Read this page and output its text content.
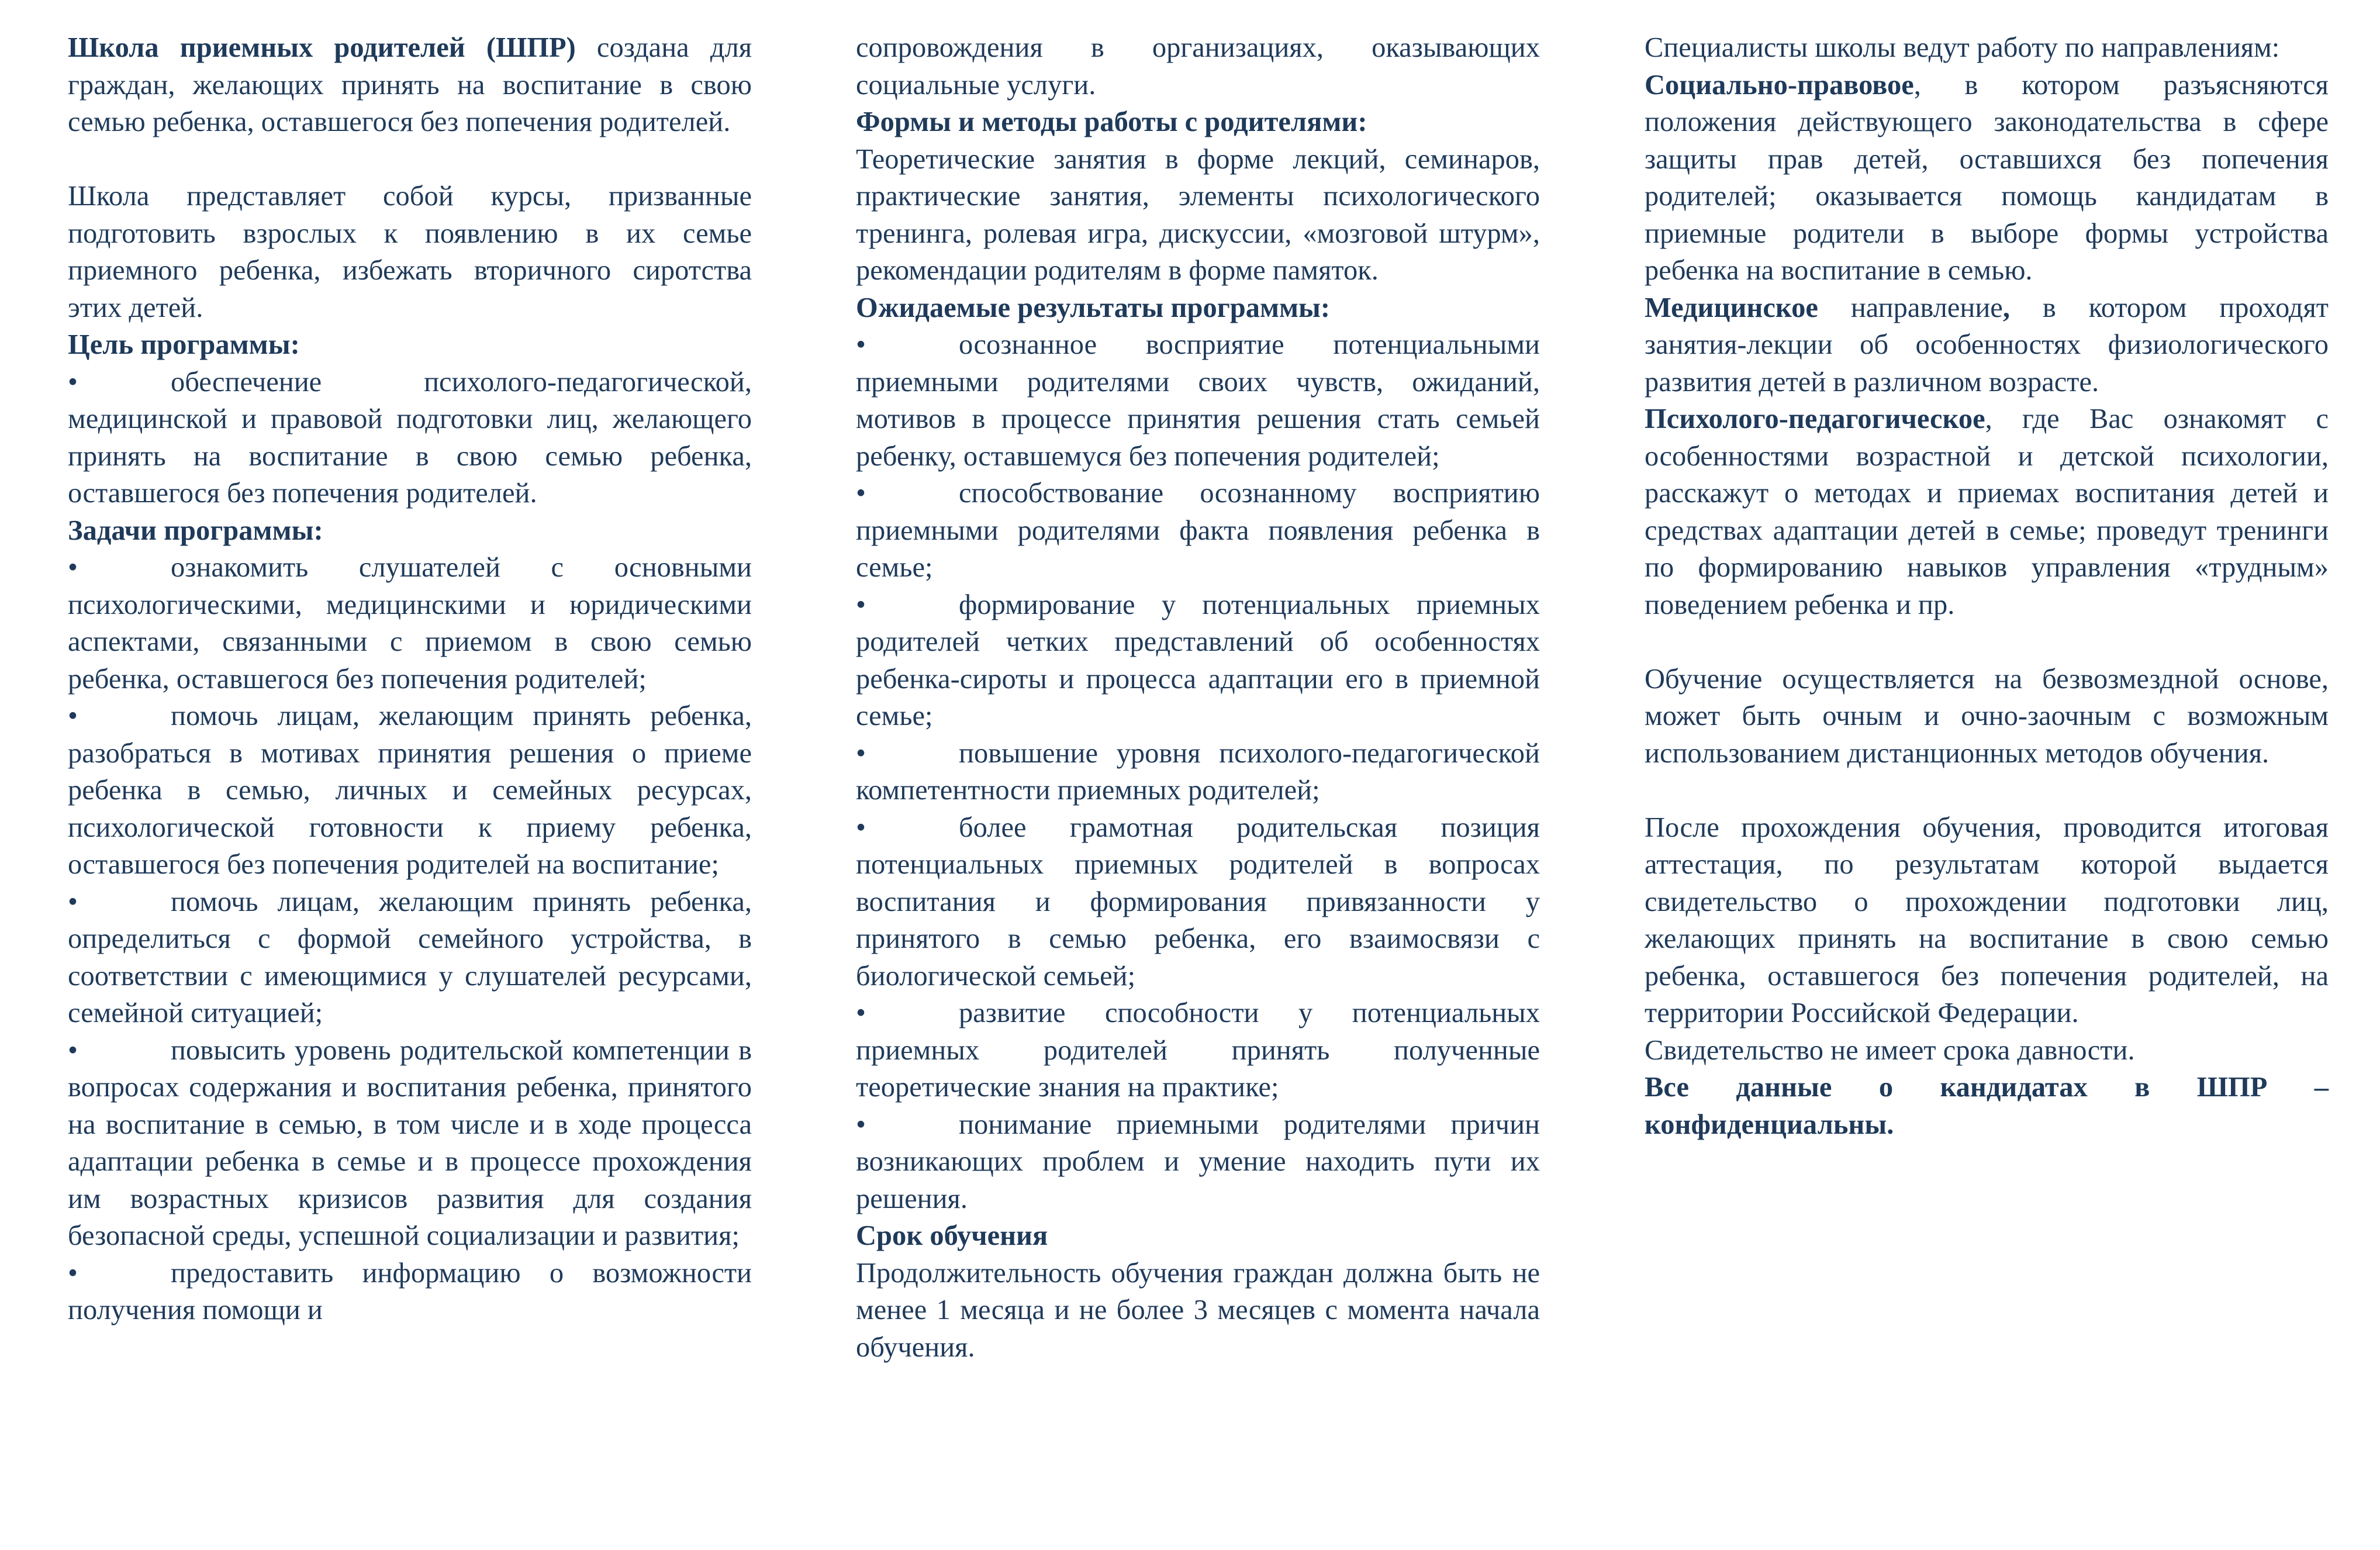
Школа приемных родителей (ШПР) создана для граждан, желающих принять на воспитание в свою семью ребенка, оставшегося без попечения родителей.

Школа представляет собой курсы, призванные подготовить взрослых к появлению в их семье приемного ребенка, избежать вторичного сиротства этих детей.

Цель программы:

•	обеспечение психолого-педагогической, медицинской и правовой подготовки лиц, желающего принять на воспитание в свою семью ребенка, оставшегося без попечения родителей.

Задачи программы:

•	ознакомить слушателей с основными психологическими, медицинскими и юридическими аспектами, связанными с приемом в свою семью ребенка, оставшегося без попечения родителей;

•	помочь лицам, желающим принять ребенка, разобраться в мотивах принятия решения о приеме ребенка в семью, личных и семейных ресурсах, психологической готовности к приему ребенка, оставшегося без попечения родителей на воспитание;

•	помочь лицам, желающим принять ребенка, определиться с формой семейного устройства, в соответствии с имеющимися у слушателей ресурсами, семейной ситуацией;

•	повысить уровень родительской компетенции в вопросах содержания и воспитания ребенка, принятого на воспитание в семью, в том числе и в ходе процесса адаптации ребенка в семье и в процессе прохождения им возрастных кризисов развития для создания безопасной среды, успешной социализации и развития;

•	предоставить информацию о возможности получения помощи и

сопровождения в организациях, оказывающих социальные услуги.

Формы и методы работы с родителями:

Теоретические занятия в форме лекций, семинаров, практические занятия, элементы психологического тренинга, ролевая игра, дискуссии, «мозговой штурм», рекомендации родителям в форме памяток.

Ожидаемые результаты программы:

•	осознанное восприятие потенциальными приемными родителями своих чувств, ожиданий, мотивов в процессе принятия решения стать семьей ребенку, оставшемуся без попечения родителей;

•	способствование осознанному восприятию приемными родителями факта появления ребенка в семье;

•	формирование у потенциальных приемных родителей четких представлений об особенностях ребенка-сироты и процесса адаптации его в приемной семье;

•	повышение уровня психолого-педагогической компетентности приемных родителей;

•	более грамотная родительская позиция потенциальных приемных родителей в вопросах воспитания и формирования привязанности у принятого в семью ребенка, его взаимосвязи с биологической семьей;

•	развитие способности у потенциальных приемных родителей принять полученные теоретические знания на практике;

•	понимание приемными родителями причин возникающих проблем и умение находить пути их решения.

Срок обучения

Продолжительность обучения граждан должна быть не менее 1 месяца и не более 3 месяцев с момента начала обучения.

Специалисты школы ведут работу по направлениям:

Социально-правовое, в котором разъясняются положения действующего законодательства в сфере защиты прав детей, оставшихся без попечения родителей; оказывается помощь кандидатам в приемные родители в выборе формы устройства ребенка на воспитание в семью.

Медицинское направление, в котором проходят занятия-лекции об особенностях физиологического развития детей в различном возрасте.

Психолого-педагогическое, где Вас ознакомят с особенностями возрастной и детской психологии, расскажут о методах и приемах воспитания детей и средствах адаптации детей в семье; проведут тренинги по формированию навыков управления «трудным» поведением ребенка и пр.

Обучение осуществляется на безвозмездной основе, может быть очным и очно-заочным с возможным использованием дистанционных методов обучения.

После прохождения обучения, проводится итоговая аттестация, по результатам которой выдается свидетельство о прохождении подготовки лиц, желающих принять на воспитание в свою семью ребенка, оставшегося без попечения родителей, на территории Российской Федерации.

Свидетельство не имеет срока давности.

Все данные о кандидатах в ШПР – конфиденциальны.
